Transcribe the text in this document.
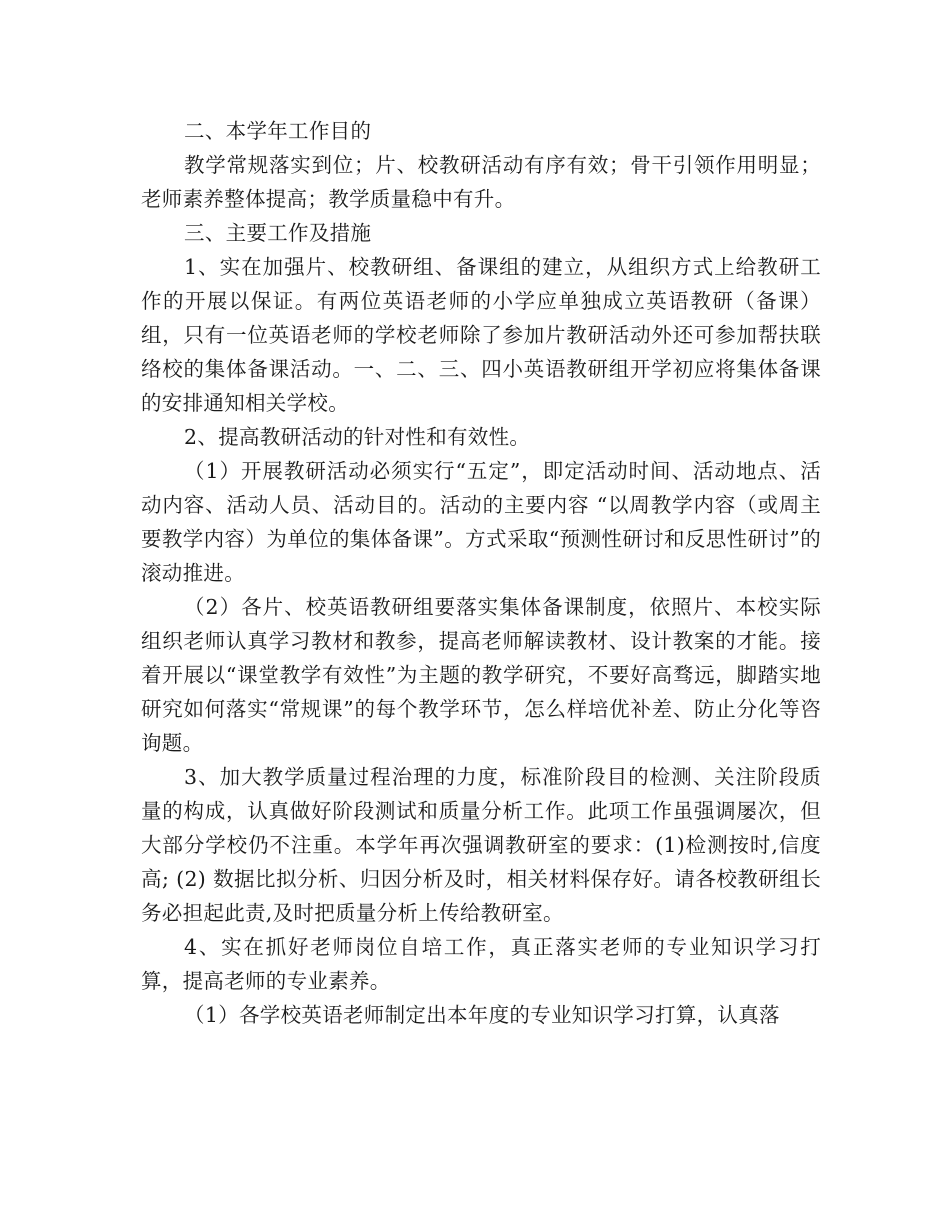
二、本学年工作目的

教学常规落实到位；片、校教研活动有序有效；骨干引领作用明显；老师素养整体提高；教学质量稳中有升。

三、主要工作及措施

1、实在加强片、校教研组、备课组的建立，从组织方式上给教研工作的开展以保证。有两位英语老师的小学应单独成立英语教研（备课）组，只有一位英语老师的学校老师除了参加片教研活动外还可参加帮扶联络校的集体备课活动。一、二、三、四小英语教研组开学初应将集体备课的安排通知相关学校。

2、提高教研活动的针对性和有效性。

（1）开展教研活动必须实行“五定”，即定活动时间、活动地点、活动内容、活动人员、活动目的。活动的主要内容 “以周教学内容（或周主要教学内容）为单位的集体备课”。方式采取“预测性研讨和反思性研讨”的滚动推进。

（2）各片、校英语教研组要落实集体备课制度，依照片、本校实际组织老师认真学习教材和教参，提高老师解读教材、设计教案的才能。接着开展以“课堂教学有效性”为主题的教学研究，不要好高骛远，脚踏实地研究如何落实“常规课”的每个教学环节，怎么样培优补差、防止分化等咨询题。

3、加大教学质量过程治理的力度，标准阶段目的检测、关注阶段质量的构成，认真做好阶段测试和质量分析工作。此项工作虽强调屡次，但大部分学校仍不注重。本学年再次强调教研室的要求：(1)检测按时,信度高; (2) 数据比拟分析、归因分析及时，相关材料保存好。请各校教研组长务必担起此责,及时把质量分析上传给教研室。

4、实在抓好老师岗位自培工作，真正落实老师的专业知识学习打算，提高老师的专业素养。

（1）各学校英语老师制定出本年度的专业知识学习打算，认真落
